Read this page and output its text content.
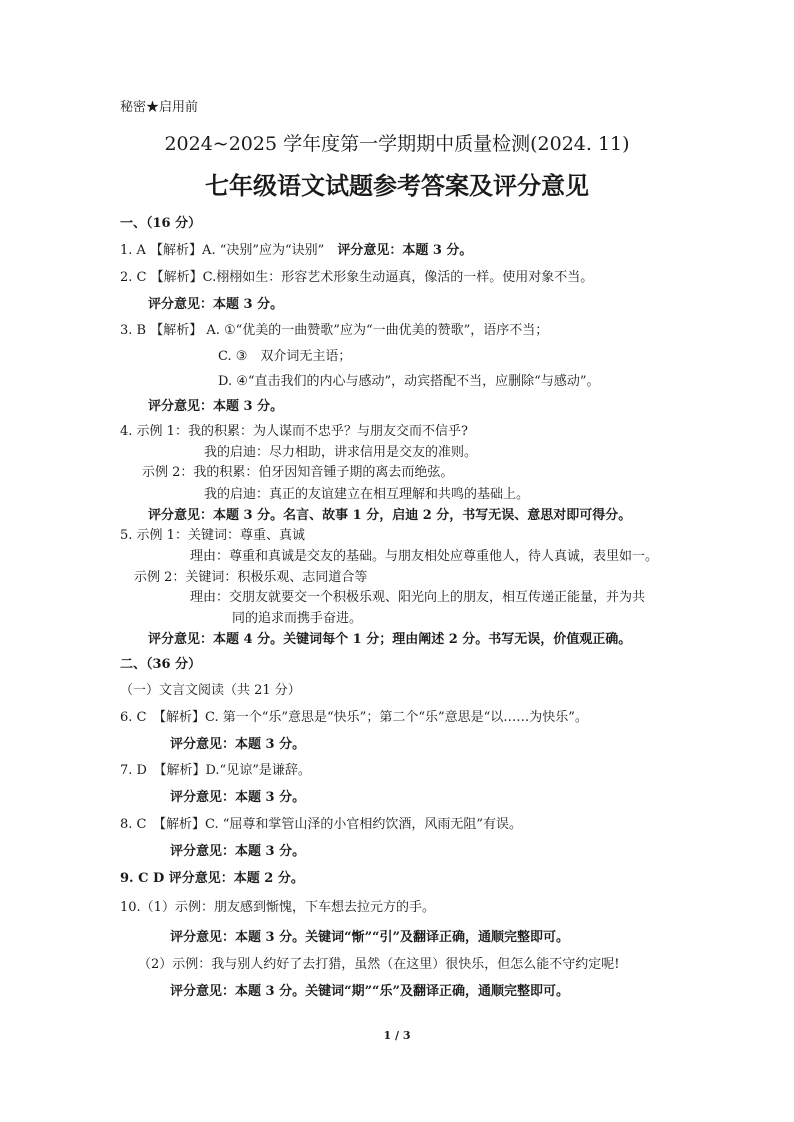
秘密★启用前
2024~2025 学年度第一学期期中质量检测(2024. 11)
七年级语文试题参考答案及评分意见
一、（16 分）
1. A 【解析】A. “决别”应为“诀别”　 评分意见：本题 3 分。
2. C 【解析】C.栩栩如生：形容艺术形象生动逼真，像活的一样。使用对象不当。
评分意见：本题 3 分。
3. B 【解析】 A. ①“优美的一曲赞歌”应为“一曲优美的赞歌”，语序不当；
C. ③　双介词无主语；
D. ④“直击我们的内心与感动”，动宾搭配不当，应删除“与感动”。
评分意见：本题 3 分。
4. 示例 1：我的积累：为人谋而不忠乎？与朋友交而不信乎?
我的启迪：尽力相助，讲求信用是交友的准则。
示例 2：我的积累：伯牙因知音锺子期的离去而绝弦。
我的启迪：真正的友谊建立在相互理解和共鸣的基础上。
评分意见：本题 3 分。名言、故事 1 分，启迪 2 分，书写无误、意思对即可得分。
5. 示例 1：关键词：尊重、真诚
理由：尊重和真诚是交友的基础。与朋友相处应尊重他人，待人真诚，表里如一。
示例 2：关键词：积极乐观、志同道合等
理由：交朋友就要交一个积极乐观、阳光向上的朋友，相互传递正能量，并为共
同的追求而携手奋进。
评分意见：本题 4 分。关键词每个 1 分；理由阐述 2 分。书写无误，价值观正确。
二、（36 分）
（一）文言文阅读（共 21 分）
6. C　【解析】C. 第一个“乐”意思是“快乐”；第二个“乐”意思是“以……为快乐”。
评分意见：本题 3 分。
7. D　【解析】D.“见谅”是谦辞。
评分意见：本题 3 分。
8. C　【解析】C. “屈尊和掌管山泽的小官相约饮酒，风雨无阻”有误。
评分意见：本题 3 分。
9. C D 评分意见：本题 2 分。
10.（1）示例：朋友感到惭愧，下车想去拉元方的手。
评分意见：本题 3 分。关键词“惭”“引”及翻译正确，通顺完整即可。
（2）示例：我与别人约好了去打猎，虽然（在这里）很快乐，但怎么能不守约定呢!
评分意见：本题 3 分。关键词“期”“乐”及翻译正确，通顺完整即可。
1 / 3
